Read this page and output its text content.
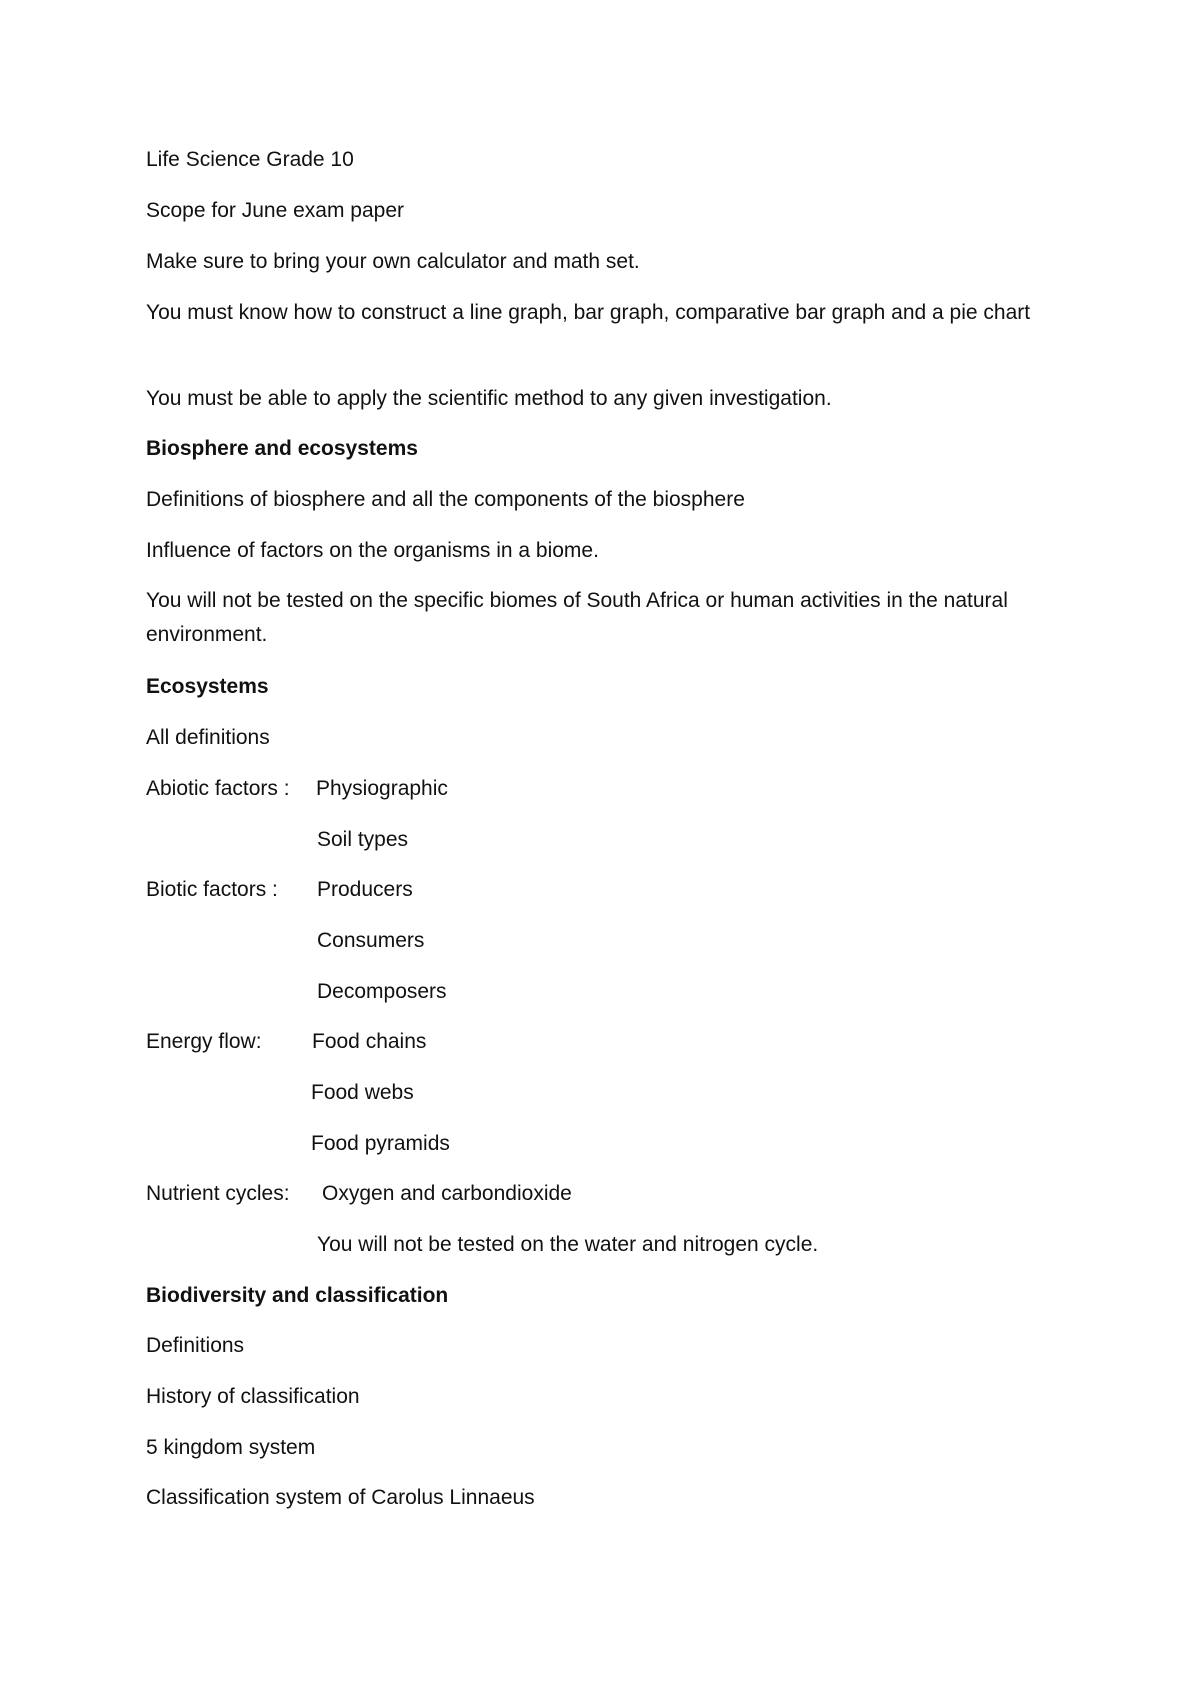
Life Science Grade 10

Scope for June exam paper

Make sure to bring your own calculator and math set.

You must know how to construct a line graph, bar graph, comparative bar graph and a pie chart

You must be able to apply the scientific method to any given investigation.

Biosphere and ecosystems

Definitions of biosphere and all the components of the biosphere

Influence of factors on the organisms in a biome.

You will not be tested on the specific biomes of South Africa or human activities in the natural environment.

Ecosystems

All definitions

Abiotic factors : Physiographic

Soil types

Biotic factors : Producers

Consumers

Decomposers

Energy flow: Food chains

Food webs

Food pyramids

Nutrient cycles: Oxygen and carbondioxide

You will not be tested on the water and nitrogen cycle.

Biodiversity and classification

Definitions

History of classification

5 kingdom system

Classification system of Carolus Linnaeus
